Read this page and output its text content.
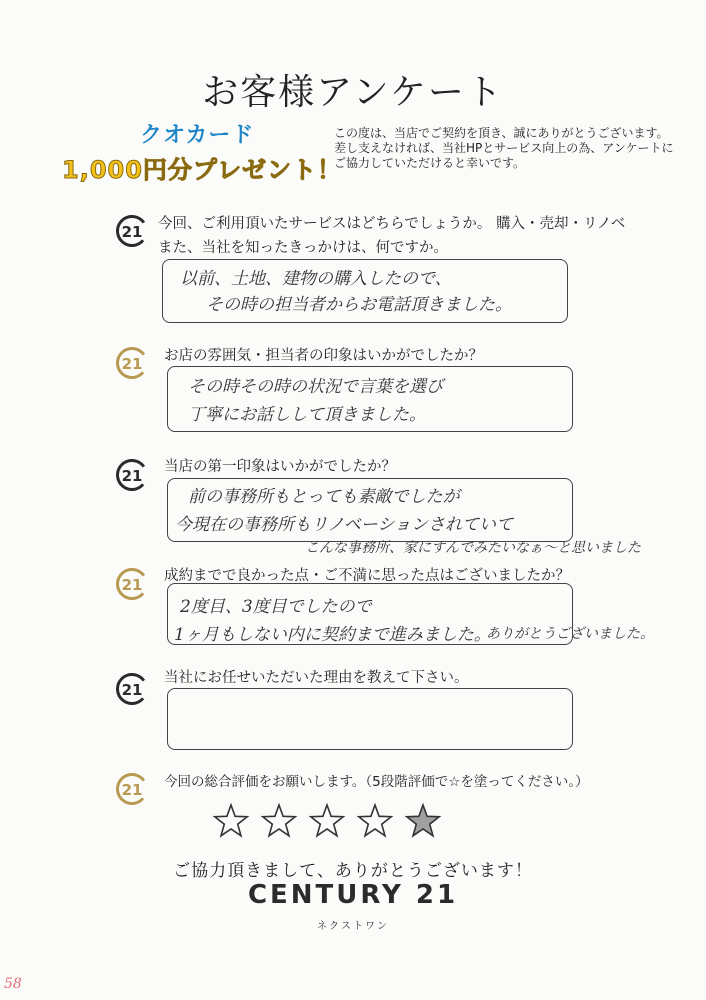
お客様アンケート
クオカード
1,000円分プレゼント！
この度は、当店でご契約を頂き、誠にありがとうございます。
差し支えなければ、当社HPとサービス向上の為、アンケートに
ご協力していただけると幸いです。
21 今回、ご利用頂いたサービスはどちらでしょうか。 購入・売却・リノベ
また、当社を知ったきっかけは、何ですか。
以前、土地、建物の購入したので、
その時の担当者からお電話頂きました。
21 お店の雰囲気・担当者の印象はいかがでしたか？
その時その時の状況で言葉を選び
丁寧にお話しして頂きました。
21 当店の第一印象はいかがでしたか？
前の事務所もとっても素敵でしたが
今現在の事務所もリノベーションされていて
こんな事務所、家にすんでみたいなぁ～と思いました
21 成約までで良かった点・ご不満に思った点はございましたか？
2度目、3度目でしたので
1ヶ月もしない内に契約まで進みました。
ありがとうございました。
21
当社にお任せいただいた理由を教えて下さい。
21 今回の総合評価をお願いします。（5段階評価で☆を塗ってください。）
ご協力頂きまして、ありがとうございます！
CENTURY 21
ネクストワン
58
